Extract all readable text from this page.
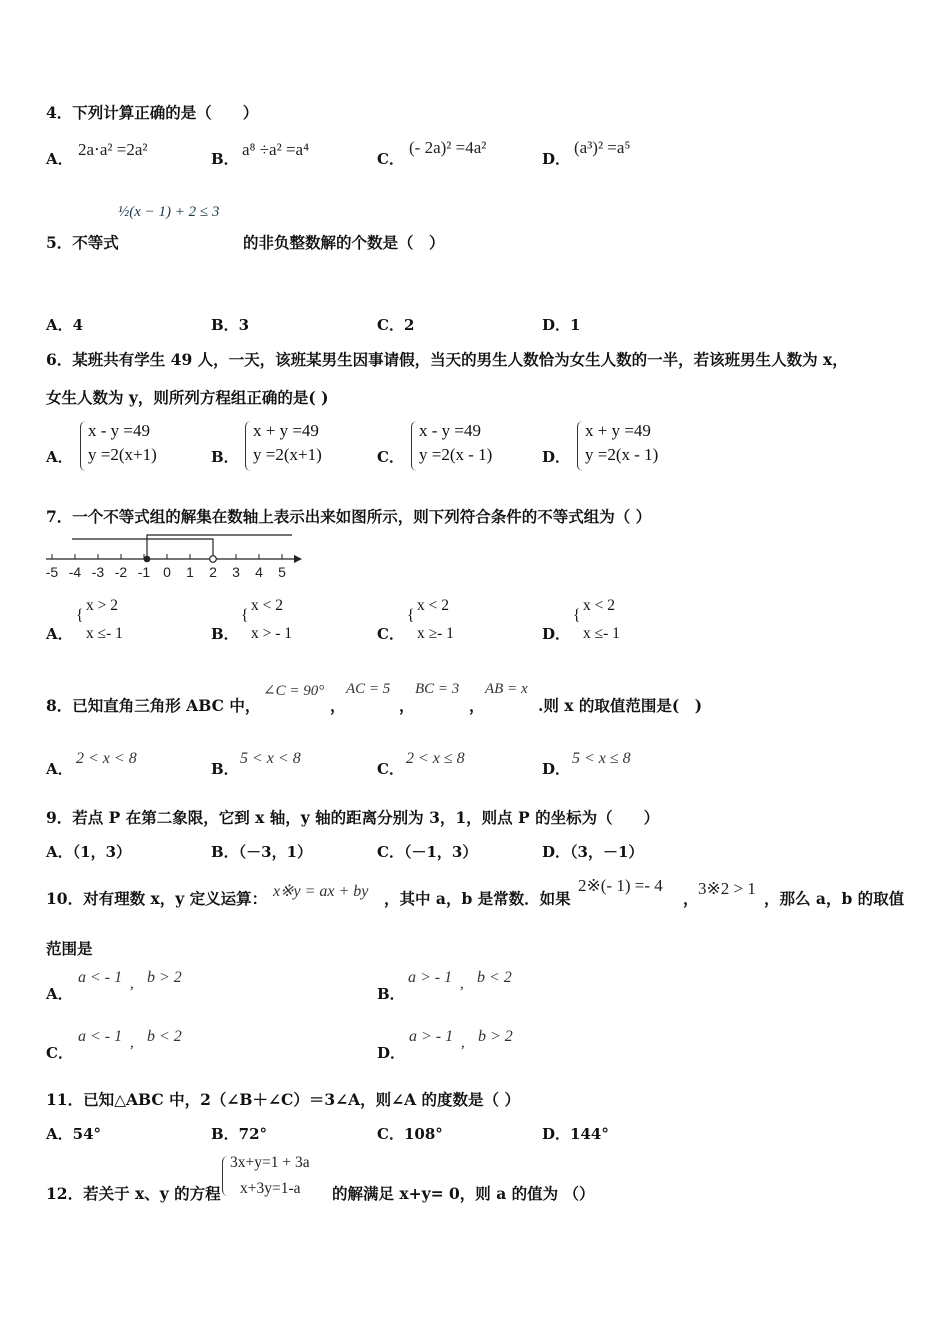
4．下列计算正确的是（　　）
A． 2a⋅a² =2a²	B． a⁸ ÷a² =a⁴	C．
(- 2a)² =4a²
D．
(a³)² =a⁵
½(x − 1) + 2 ≤ 3
5．不等式	的非负整数解的个数是（　）
A．4	B．3	C．2	D．1
6．某班共有学生 49 人，一天，该班某男生因事请假，当天的男生人数恰为女生人数的一半，若该班男生人数为 x，
女生人数为 y，则所列方程组正确的是( )
A．
x - y =49
y =2(x+1)	B．
x + y =49
y =2(x+1)	C．
x - y =49
y =2(x - 1)	D．
x + y =49
y =2(x - 1)
7．一个不等式组的解集在数轴上表示出来如图所示，则下列符合条件的不等式组为（ ）
-5 -4 -3 -2 -1 0 1 2 3 4 5
A．
{
x > 2
x ≤- 1	B．
{
x < 2
x > - 1	C．
{
x < 2
x ≥- 1	D．
{
x < 2
x ≤- 1
8．已知直角三角形 ABC 中，
∠C = 90°
，
AC = 5
，
BC = 3
，
AB = x
.则 x 的取值范围是(　)
A．
2 < x < 8
B．
5 < x < 8
C．
2 < x ≤ 8
D．
5 < x ≤ 8
9．若点 P 在第二象限，它到 x 轴，y 轴的距离分别为 3，1，则点 P 的坐标为（　　）
A．（1，3）	B．（－3，1）	C．（－1，3）	D．（3，－1）
10．对有理数 x，y 定义运算： x※y = ax + by ，其中 a，b 是常数．如果
2※(- 1) =- 4
，
3※2 > 1
，那么 a，b 的取值
范围是
A．
a < - 1 , b > 2
B．
a > - 1 , b < 2
C．
a < - 1 , b < 2
D．
a > - 1 , b > 2
11．已知△ABC 中，2（∠B＋∠C）＝3∠A，则∠A 的度数是（ ）
A．54°	B．72°	C．108°	D．144°
12．若关于 x、y 的方程
3x+y=1 + 3a
x+3y=1-a 的解满足 x+y= 0，则 a 的值为 （）
